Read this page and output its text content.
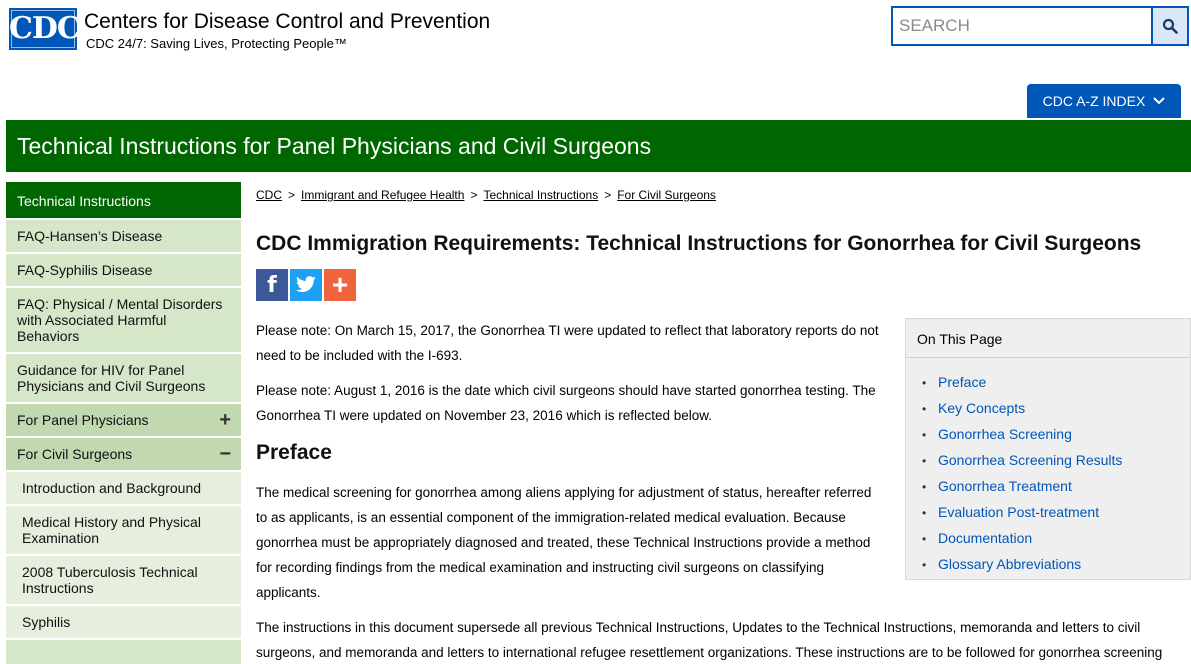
CDC Centers for Disease Control and Prevention
CDC 24/7: Saving Lives, Protecting People™
SEARCH
CDC A-Z INDEX
Technical Instructions for Panel Physicians and Civil Surgeons
Technical Instructions
FAQ-Hansen’s Disease
FAQ-Syphilis Disease
FAQ: Physical / Mental Disorders with Associated Harmful Behaviors
Guidance for HIV for Panel Physicians and Civil Surgeons
For Panel Physicians	+
For Civil Surgeons	−
Introduction and Background
Medical History and Physical Examination
2008 Tuberculosis Technical Instructions
Syphilis
CDC > Immigrant and Refugee Health > Technical Instructions > For Civil Surgeons
CDC Immigration Requirements: Technical Instructions for Gonorrhea for Civil Surgeons
f +

Please note: On March 15, 2017, the Gonorrhea TI were updated to reflect that laboratory reports do not need to be included with the I-693.

Please note: August 1, 2016 is the date which civil surgeons should have started gonorrhea testing. The Gonorrhea TI were updated on November 23, 2016 which is reflected below.

Preface

The medical screening for gonorrhea among aliens applying for adjustment of status, hereafter referred to as applicants, is an essential component of the immigration-related medical evaluation. Because gonorrhea must be appropriately diagnosed and treated, these Technical Instructions provide a method for recording findings from the medical examination and instructing civil surgeons on classifying applicants.

The instructions in this document supersede all previous Technical Instructions, Updates to the Technical Instructions, memoranda and letters to civil surgeons, and memoranda and letters to international refugee resettlement organizations. These instructions are to be followed for gonorrhea screening

On This Page
• Preface
• Key Concepts
• Gonorrhea Screening
• Gonorrhea Screening Results
• Gonorrhea Treatment
• Evaluation Post-treatment
• Documentation
• Glossary Abbreviations
